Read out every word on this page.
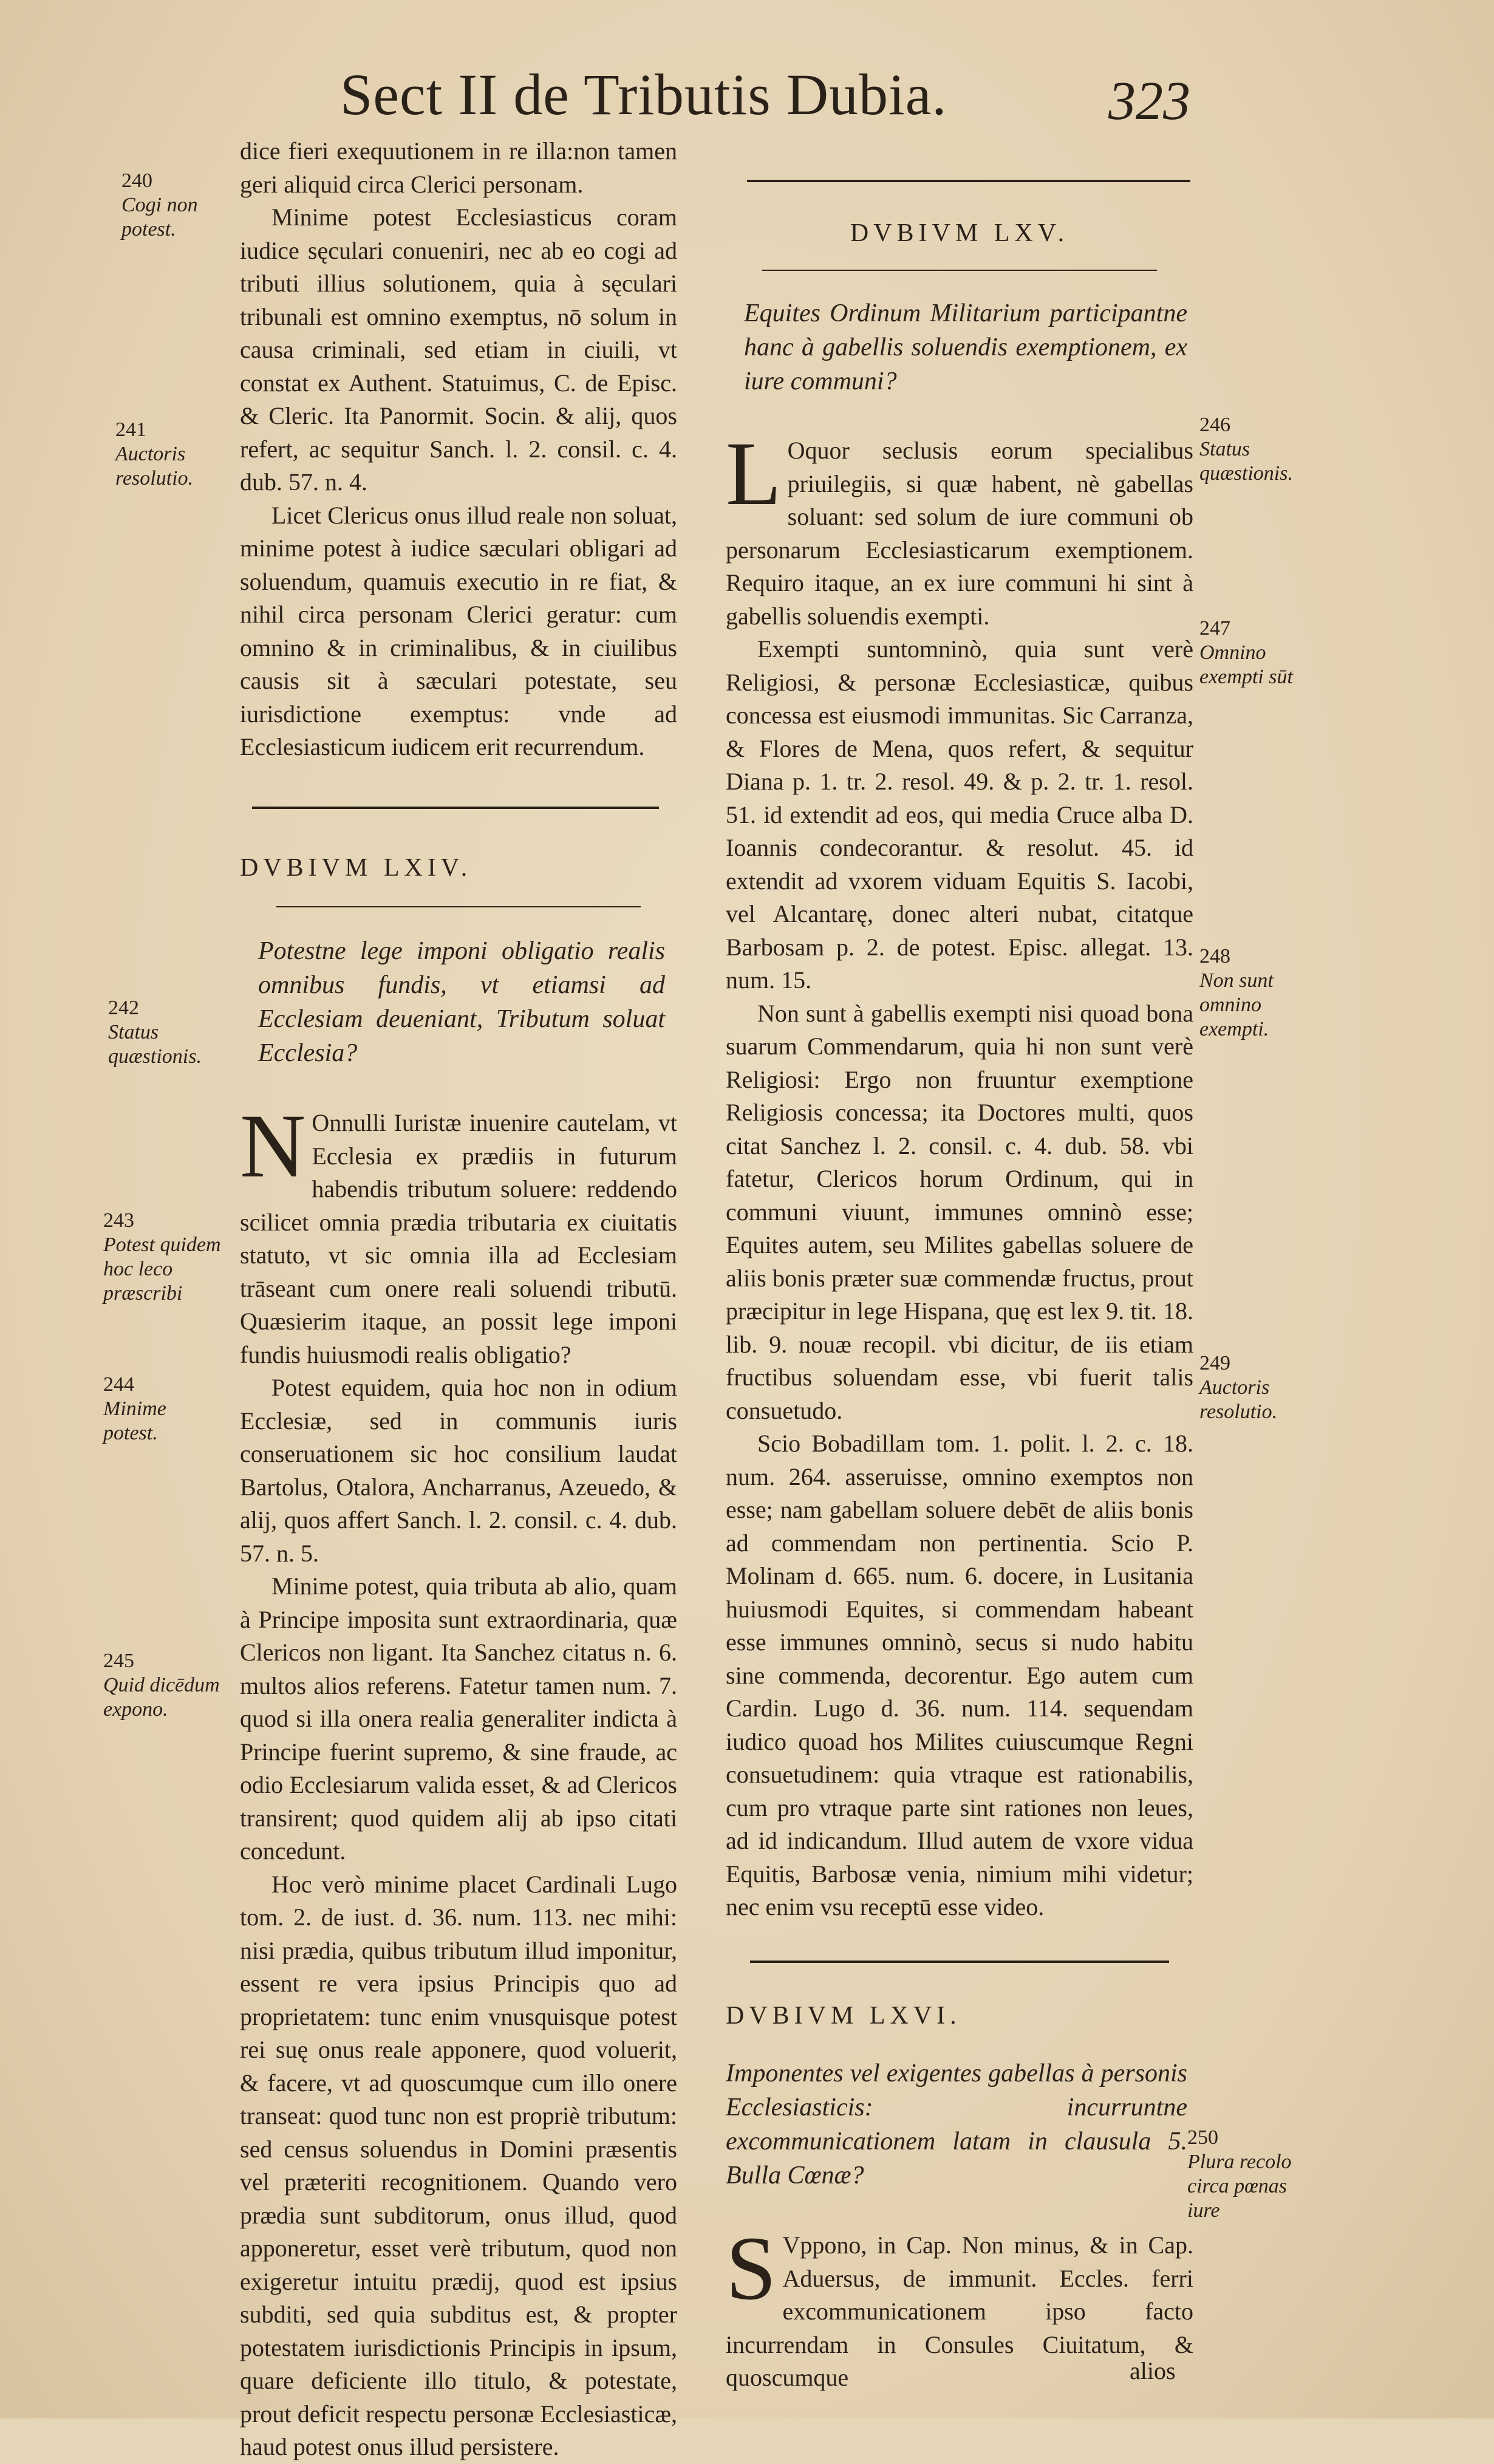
Sect II de Tributis Dubia.	323

dice fieri exequutionem in re illa:non tamen geri aliquid circa Clerici personam.

Minime potest Ecclesiasticus coram iudice sęculari conueniri, nec ab eo cogi ad tributi illius solutionem, quia à sęculari tribunali est omnino exemptus, nō solum in causa criminali, sed etiam in ciuili, vt constat ex Authent. Statuimus, C. de Episc. & Cleric. Ita Panormit. Socin. & alij, quos refert, ac sequitur Sanch. l. 2. consil. c. 4. dub. 57. n. 4.

Licet Clericus onus illud reale non soluat, minime potest à iudice sæculari obligari ad soluendum, quamuis executio in re fiat, & nihil circa personam Clerici geratur: cum omnino & in criminalibus, & in ciuilibus causis sit à sæculari potestate, seu iurisdictione exemptus: vnde ad Ecclesiasticum iudicem erit recurrendum.

DVBIVM LXIV.

Potestne lege imponi obligatio realis omnibus fundis, vt etiamsi ad Ecclesiam deueniant, Tributum soluat Ecclesia?

N Onnulli Iuristæ inuenire cautelam, vt Ecclesia ex prædiis in futurum habendis tributum soluere: reddendo scilicet omnia prædia tributaria ex ciuitatis statuto, vt sic omnia illa ad Ecclesiam trāseant cum onere reali soluendi tributū. Quæsierim itaque, an possit lege imponi fundis huiusmodi realis obligatio?

Potest equidem, quia hoc non in odium Ecclesiæ, sed in communis iuris conseruationem sic hoc consilium laudat Bartolus, Otalora, Ancharranus, Azeuedo, & alij, quos affert Sanch. l. 2. consil. c. 4. dub. 57. n. 5.

Minime potest, quia tributa ab alio, quam à Principe imposita sunt extraordinaria, quæ Clericos non ligant. Ita Sanchez citatus n. 6. multos alios referens. Fatetur tamen num. 7. quod si illa onera realia generaliter indicta à Principe fuerint supremo, & sine fraude, ac odio Ecclesiarum valida esset, & ad Clericos transirent; quod quidem alij ab ipso citati concedunt.

Hoc verò minime placet Cardinali Lugo tom. 2. de iust. d. 36. num. 113. nec mihi: nisi prædia, quibus tributum illud imponitur, essent re vera ipsius Principis quo ad proprietatem: tunc enim vnusquisque potest rei suę onus reale apponere, quod voluerit, & facere, vt ad quoscumque cum illo onere transeat: quod tunc non est propriè tributum: sed census soluendus in Domini præsentis vel præteriti recognitionem. Quando vero prædia sunt subditorum, onus illud, quod apponeretur, esset verè tributum, quod non exigeretur intuitu prædij, quod est ipsius subditi, sed quia subditus est, & propter potestatem iurisdictionis Principis in ipsum, quare deficiente illo titulo, & potestate, prout deficit respectu personæ Ecclesiasticæ, haud potest onus illud persistere.

DVBIVM LXV.

Equites Ordinum Militarium participantne hanc à gabellis soluendis exemptionem, ex iure communi?

L Oquor seclusis eorum specialibus priuilegiis, si quæ habent, nè gabellas soluant: sed solum de iure communi ob personarum Ecclesiasticarum exemptionem. Requiro itaque, an ex iure communi hi sint à gabellis soluendis exempti.

Exempti suntomninò, quia sunt verè Religiosi, & personæ Ecclesiasticæ, quibus concessa est eiusmodi immunitas. Sic Carranza, & Flores de Mena, quos refert, & sequitur Diana p. 1. tr. 2. resol. 49. & p. 2. tr. 1. resol. 51. id extendit ad eos, qui media Cruce alba D. Ioannis condecorantur. & resolut. 45. id extendit ad vxorem viduam Equitis S. Iacobi, vel Alcantarę, donec alteri nubat, citatque Barbosam p. 2. de potest. Episc. allegat. 13. num. 15.

Non sunt à gabellis exempti nisi quoad bona suarum Commendarum, quia hi non sunt verè Religiosi: Ergo non fruuntur exemptione Religiosis concessa; ita Doctores multi, quos citat Sanchez l. 2. consil. c. 4. dub. 58. vbi fatetur, Clericos horum Ordinum, qui in communi viuunt, immunes omninò esse; Equites autem, seu Milites gabellas soluere de aliis bonis præter suæ commendæ fructus, prout præcipitur in lege Hispana, quę est lex 9. tit. 18. lib. 9. nouæ recopil. vbi dicitur, de iis etiam fructibus soluendam esse, vbi fuerit talis consuetudo.

Scio Bobadillam tom. 1. polit. l. 2. c. 18. num. 264. asseruisse, omnino exemptos non esse; nam gabellam soluere debēt de aliis bonis ad commendam non pertinentia. Scio P. Molinam d. 665. num. 6. docere, in Lusitania huiusmodi Equites, si commendam habeant esse immunes omninò, secus si nudo habitu sine commenda, decorentur. Ego autem cum Cardin. Lugo d. 36. num. 114. sequendam iudico quoad hos Milites cuiuscumque Regni consuetudinem: quia vtraque est rationabilis, cum pro vtraque parte sint rationes non leues, ad id indicandum. Illud autem de vxore vidua Equitis, Barbosæ venia, nimium mihi videtur; nec enim vsu receptū esse video.

DVBIVM LXVI.

Imponentes vel exigentes gabellas à personis Ecclesiasticis: incurruntne excommunicationem latam in clausula 5. Bulla Cœnæ?

S Vppono, in Cap. Non minus, & in Cap. Aduersus, de immunit. Eccles. ferri excommunicationem ipso facto incurrendam in Consules Ciuitatum, & quoscumque	alios
240
Cogi non potest.
241
Auctoris resolutio.
242
Status quæstionis.
243
Potest quidem hoc leco præscribi
244
Minime potest.
245
Quid dicēdum expono.
246
Status quæstionis.
247
Omnino exempti sūt
248
Non sunt omnino exempti.
249
Auctoris resolutio.
250
Plura recolo circa pœnas iure
